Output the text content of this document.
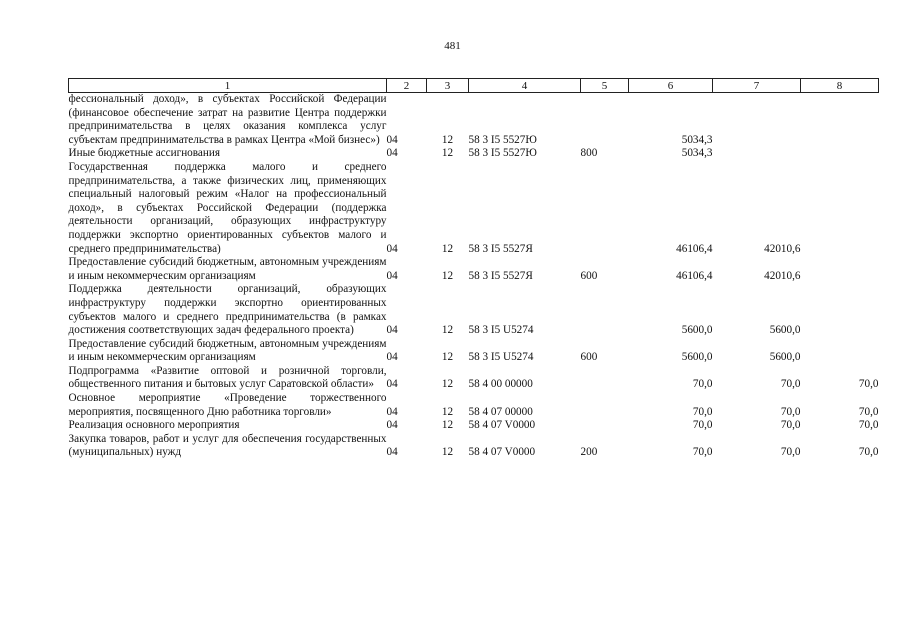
481
1	2	3	4	5	6	7	8
фессиональный доход», в субъектах Российской Федерации (финансовое обеспечение затрат на развитие Центра поддержки предпринимательства в целях оказания комплекса услуг субъектам предпринимательства в рамках Центра «Мой бизнес»)	04	12	58 3 I5 5527Ю		5034,3		
Иные бюджетные ассигнования	04	12	58 3 I5 5527Ю	800	5034,3		
Государственная поддержка малого и среднего предпринимательства, а также физических лиц, применяющих специальный налоговый режим «Налог на профессиональный доход», в субъектах Российской Федерации (поддержка деятельности организаций, образующих инфраструктуру поддержки экспортно ориентированных субъектов малого и среднего предпринимательства)	04	12	58 3 I5 5527Я		46106,4	42010,6	
Предоставление субсидий бюджетным, автономным учреждениям и иным некоммерческим организациям	04	12	58 3 I5 5527Я	600	46106,4	42010,6	
Поддержка деятельности организаций, образующих инфраструктуру поддержки экспортно ориентированных субъектов малого и среднего предпринимательства (в рамках достижения соответствующих задач федерального проекта)	04	12	58 3 I5 U5274		5600,0	5600,0	
Предоставление субсидий бюджетным, автономным учреждениям и иным некоммерческим организациям	04	12	58 3 I5 U5274	600	5600,0	5600,0	
Подпрограмма «Развитие оптовой и розничной торговли, общественного питания и бытовых услуг Саратовской области»	04	12	58 4 00 00000		70,0	70,0	70,0
Основное мероприятие «Проведение торжественного мероприятия, посвященного Дню работника торговли»	04	12	58 4 07 00000		70,0	70,0	70,0
Реализация основного мероприятия	04	12	58 4 07 V0000		70,0	70,0	70,0
Закупка товаров, работ и услуг для обеспечения государственных (муниципальных) нужд	04	12	58 4 07 V0000	200	70,0	70,0	70,0
